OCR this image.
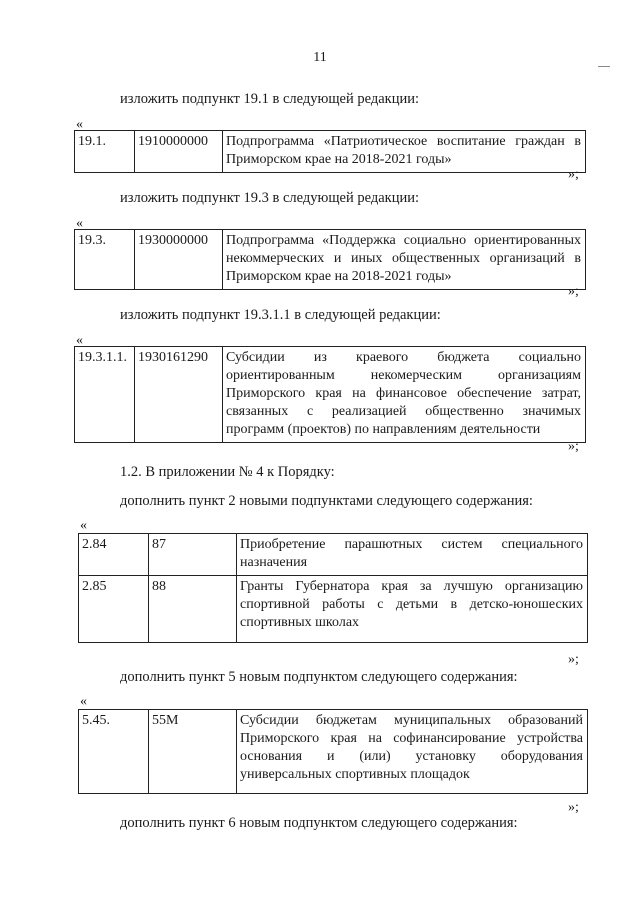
11
изложить подпункт 19.1 в следующей редакции:
«
19.1.	1910000000	Подпрограмма «Патриотическое воспитание граждан в

Приморском крае на 2018-2021 годы»
»;
изложить подпункт 19.3 в следующей редакции:
«
19.3.	1930000000	Подпрограмма «Поддержка социально ориентированных
некоммерческих и иных общественных организаций в

Приморском крае на 2018-2021 годы»
»;
изложить подпункт 19.3.1.1 в следующей редакции:
«
19.3.1.1.	1930161290	Субсидии из краевого бюджета социально
ориентированным некомерческим организациям
Приморского края на финансовое обеспечение затрат,
связанных с реализацией общественно значимых

программ (проектов) по направлениям деятельности
»;
1.2. В приложении № 4 к Порядку:
дополнить пункт 2 новыми подпунктами следующего содержания:
«
2.84	87	Приобретение парашютных систем специального

назначения

2.85	88	Гранты Губернатора края за лучшую организацию
спортивной работы с детьми в детско-юношеских

спортивных школах
»;
дополнить пункт 5 новым подпунктом следующего содержания:
«
5.45.	55М	Субсидии бюджетам муниципальных образований
Приморского края на софинансирование устройства
основания и (или) установку оборудования

универсальных спортивных площадок
»;
дополнить пункт 6 новым подпунктом следующего содержания:
